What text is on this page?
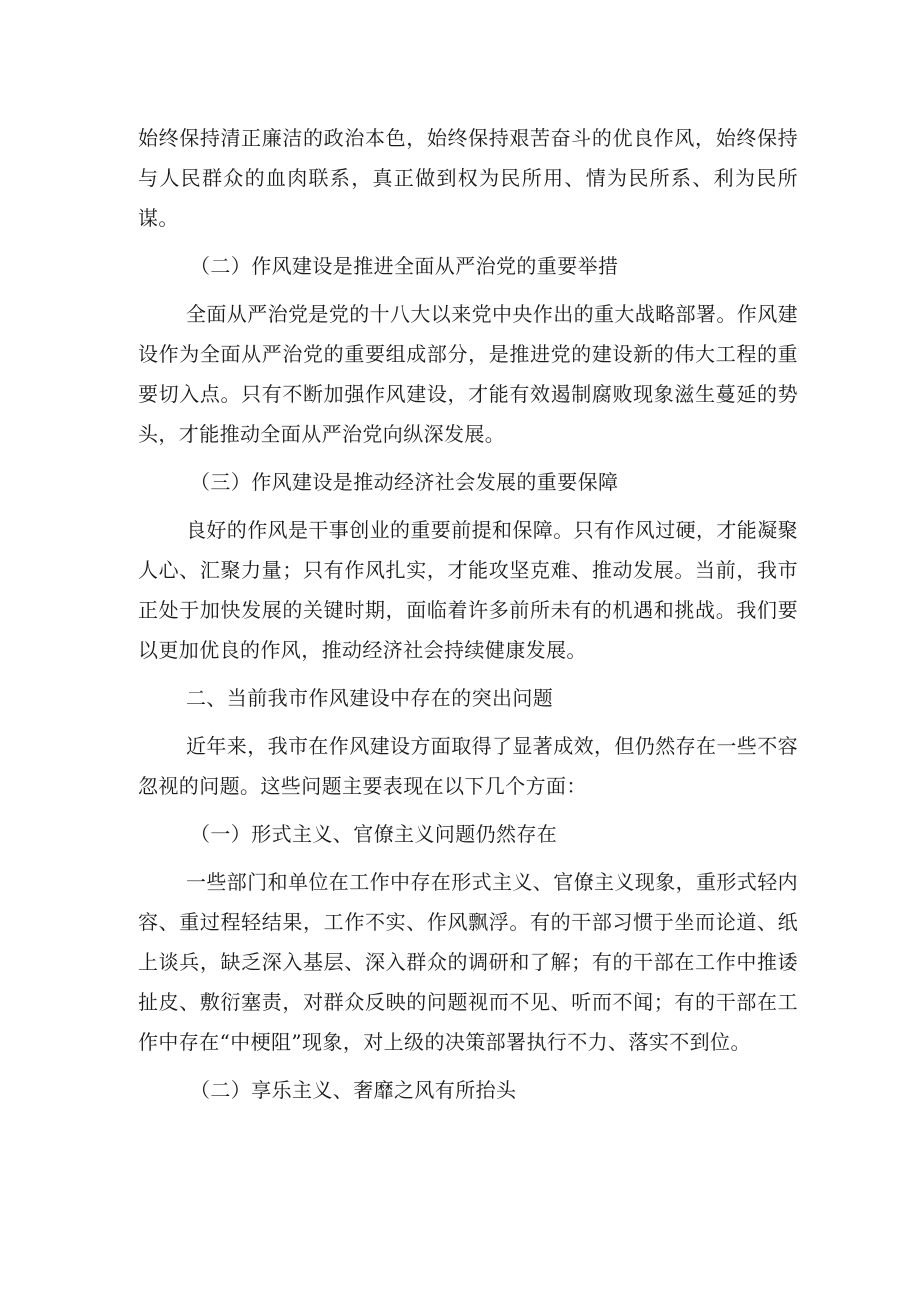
始终保持清正廉洁的政治本色，始终保持艰苦奋斗的优良作风，始终保持与人民群众的血肉联系，真正做到权为民所用、情为民所系、利为民所谋。

（二）作风建设是推进全面从严治党的重要举措

全面从严治党是党的十八大以来党中央作出的重大战略部署。作风建设作为全面从严治党的重要组成部分，是推进党的建设新的伟大工程的重要切入点。只有不断加强作风建设，才能有效遏制腐败现象滋生蔓延的势头，才能推动全面从严治党向纵深发展。

（三）作风建设是推动经济社会发展的重要保障

良好的作风是干事创业的重要前提和保障。只有作风过硬，才能凝聚人心、汇聚力量；只有作风扎实，才能攻坚克难、推动发展。当前，我市正处于加快发展的关键时期，面临着许多前所未有的机遇和挑战。我们要以更加优良的作风，推动经济社会持续健康发展。

二、当前我市作风建设中存在的突出问题

近年来，我市在作风建设方面取得了显著成效，但仍然存在一些不容忽视的问题。这些问题主要表现在以下几个方面：

（一）形式主义、官僚主义问题仍然存在

一些部门和单位在工作中存在形式主义、官僚主义现象，重形式轻内容、重过程轻结果，工作不实、作风飘浮。有的干部习惯于坐而论道、纸上谈兵，缺乏深入基层、深入群众的调研和了解；有的干部在工作中推诿扯皮、敷衍塞责，对群众反映的问题视而不见、听而不闻；有的干部在工作中存在“中梗阻”现象，对上级的决策部署执行不力、落实不到位。

（二）享乐主义、奢靡之风有所抬头
